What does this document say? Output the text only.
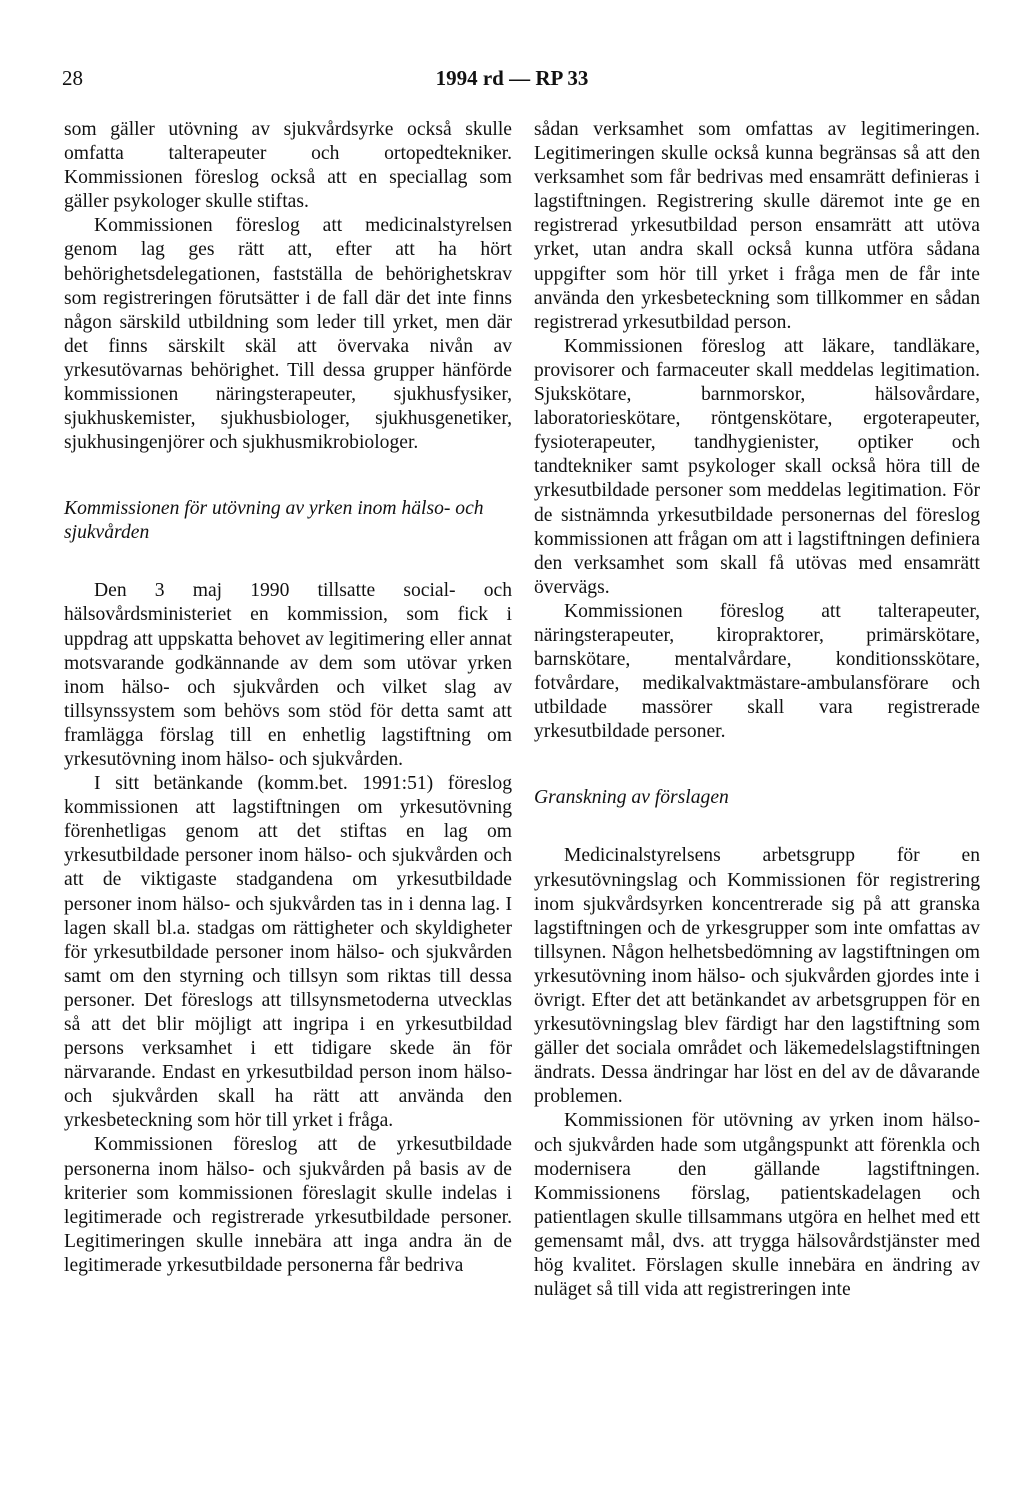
28	1994 rd — RP 33

som gäller utövning av sjukvårdsyrke också skulle omfatta talterapeuter och ortopedtekniker. Kommissionen föreslog också att en speciallag som gäller psykologer skulle stiftas.

Kommissionen föreslog att medicinalstyrelsen genom lag ges rätt att, efter att ha hört behörighetsdelegationen, fastställa de behörighetskrav som registreringen förutsätter i de fall där det inte finns någon särskild utbildning som leder till yrket, men där det finns särskilt skäl att övervaka nivån av yrkesutövarnas behörighet. Till dessa grupper hänförde kommissionen näringsterapeuter, sjukhusfysiker, sjukhuskemister, sjukhusbiologer, sjukhusgenetiker, sjukhusingenjörer och sjukhusmikrobiologer.

Kommissionen för utövning av yrken inom hälso- och sjukvården

Den 3 maj 1990 tillsatte social- och hälsovårdsministeriet en kommission, som fick i uppdrag att uppskatta behovet av legitimering eller annat motsvarande godkännande av dem som utövar yrken inom hälso- och sjukvården och vilket slag av tillsynssystem som behövs som stöd för detta samt att framlägga förslag till en enhetlig lagstiftning om yrkesutövning inom hälso- och sjukvården.

I sitt betänkande (komm.bet. 1991:51) föreslog kommissionen att lagstiftningen om yrkesutövning förenhetligas genom att det stiftas en lag om yrkesutbildade personer inom hälso- och sjukvården och att de viktigaste stadgandena om yrkesutbildade personer inom hälso- och sjukvården tas in i denna lag. I lagen skall bl.a. stadgas om rättigheter och skyldigheter för yrkesutbildade personer inom hälso- och sjukvården samt om den styrning och tillsyn som riktas till dessa personer. Det föreslogs att tillsynsmetoderna utvecklas så att det blir möjligt att ingripa i en yrkesutbildad persons verksamhet i ett tidigare skede än för närvarande. Endast en yrkesutbildad person inom hälso- och sjukvården skall ha rätt att använda den yrkesbeteckning som hör till yrket i fråga.

Kommissionen föreslog att de yrkesutbildade personerna inom hälso- och sjukvården på basis av de kriterier som kommissionen föreslagit skulle indelas i legitimerade och registrerade yrkesutbildade personer. Legitimeringen skulle innebära att inga andra än de legitimerade yrkesutbildade personerna får bedriva

sådan verksamhet som omfattas av legitimeringen. Legitimeringen skulle också kunna begränsas så att den verksamhet som får bedrivas med ensamrätt definieras i lagstiftningen. Registrering skulle däremot inte ge en registrerad yrkesutbildad person ensamrätt att utöva yrket, utan andra skall också kunna utföra sådana uppgifter som hör till yrket i fråga men de får inte använda den yrkesbeteckning som tillkommer en sådan registrerad yrkesutbildad person.

Kommissionen föreslog att läkare, tandläkare, provisorer och farmaceuter skall meddelas legitimation. Sjukskötare, barnmorskor, hälsovårdare, laboratorieskötare, röntgenskötare, ergoterapeuter, fysioterapeuter, tandhygienister, optiker och tandtekniker samt psykologer skall också höra till de yrkesutbildade personer som meddelas legitimation. För de sistnämnda yrkesutbildade personernas del föreslog kommissionen att frågan om att i lagstiftningen definiera den verksamhet som skall få utövas med ensamrätt övervägs.

Kommissionen föreslog att talterapeuter, näringsterapeuter, kiropraktorer, primärskötare, barnskötare, mentalvårdare, konditionsskötare, fotvårdare, medikalvaktmästare-ambulansförare och utbildade massörer skall vara registrerade yrkesutbildade personer.

Granskning av förslagen

Medicinalstyrelsens arbetsgrupp för en yrkesutövningslag och Kommissionen för registrering inom sjukvårdsyrken koncentrerade sig på att granska lagstiftningen och de yrkesgrupper som inte omfattas av tillsynen. Någon helhetsbedömning av lagstiftningen om yrkesutövning inom hälso- och sjukvården gjordes inte i övrigt. Efter det att betänkandet av arbetsgruppen för en yrkesutövningslag blev färdigt har den lagstiftning som gäller det sociala området och läkemedelslagstiftningen ändrats. Dessa ändringar har löst en del av de dåvarande problemen.

Kommissionen för utövning av yrken inom hälso- och sjukvården hade som utgångspunkt att förenkla och modernisera den gällande lagstiftningen. Kommissionens förslag, patientskadelagen och patientlagen skulle tillsammans utgöra en helhet med ett gemensamt mål, dvs. att trygga hälsovårdstjänster med hög kvalitet. Förslagen skulle innebära en ändring av nuläget så till vida att registreringen inte
